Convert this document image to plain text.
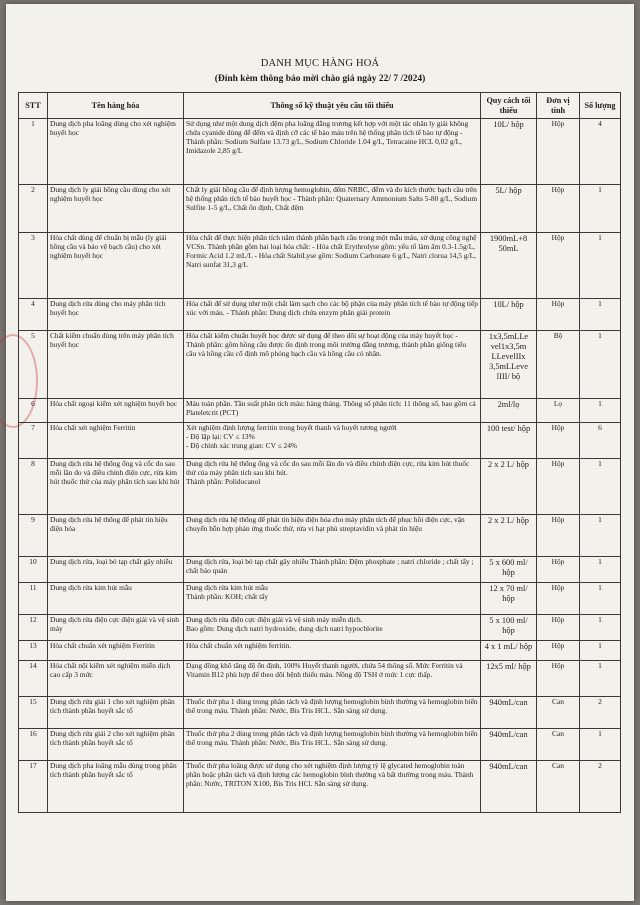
DANH MỤC HÀNG HOÁ
(Đính kèm thông báo mời chào giá ngày 22/ 7 /2024)
STT	Tên hàng hóa	Thông số kỹ thuật yêu cầu tối thiểu	Quy cách tối thiểu	Đơn vị tính	Số lượng
1	Dung dịch pha loãng dùng cho xét nghiệm huyết học	Sử dụng như một dung dịch đệm pha loãng đẳng trương kết hợp với một tác nhân ly giải không chứa cyanide dùng để đếm và định cỡ các tế bào máu trên hệ thống phân tích tế bào tự động - Thành phần: Sodium Sulfate 13.73 g/L, Sodium Chloride 1.04 g/L, Tetracaine HCL 0,02 g/L, Imidazole 2,85 g/L	10L/ hộp	Hộp	4
2	Dung dịch ly giải hồng cầu dùng cho xét nghiệm huyết học	Chất ly giải hồng cầu để định lượng hemoglobin, đếm NRBC, đếm và đo kích thước bạch cầu trên hệ thống phân tích tế bào huyết học - Thành phần: Quaternary Ammonium Salts 5-80 g/L, Sodium Sulfite 1-5 g/L, Chất ổn định, Chất đệm	5L/ hộp	Hộp	1
3	Hóa chất dùng để chuẩn bị mẫu (ly giải hồng cầu và bảo vệ bạch cầu) cho xét nghiệm huyết học	Hóa chất để thực hiện phân tích năm thành phần bạch cầu trong một mẫu máu, sử dụng công nghệ VCSn. Thành phần gồm hai loại hóa chất: - Hóa chất Erythrolyse gồm: yếu tố làm ẩm 0.3-1.5g/L, Formic Acid 1.2 mL/L - Hóa chất StabiLyse gồm: Sodium Carbonate 6 g/L, Natri clorua 14,5 g/L, Natri sunfat 31,3 g/L	1900mL+8 50mL	Hộp	1
4	Dung dịch rửa dùng cho máy phân tích huyết học	Hóa chất để sử dụng như một chất làm sạch cho các bộ phận của máy phân tích tế bào tự động tiếp xúc với máu. - Thành phần: Dung dịch chứa enzym phân giải protein	10L/ hộp	Hộp	1
5	Chất kiểm chuẩn dùng trên máy phân tích huyết học	Hóa chất kiểm chuẩn huyết học được sử dụng để theo dõi sự hoạt động của máy huyết học - Thành phần: gồm hồng cầu được ổn định trong môi trường đẳng trương, thành phần giống tiểu cầu và hồng cầu cố định mô phỏng bạch cầu và hồng cầu có nhân.	1x3,5mLLe vel1x3,5m LLevelIIx 3,5mLLeve lIII/ bộ	Bộ	1
6	Hóa chất ngoại kiểm xét nghiệm huyết học	Máu toàn phần. Tần suất phân tích máu: hàng tháng. Thông số phân tích: 11 thông số, bao gồm cả Plateletcrit (PCT)	2ml/lọ	Lọ	1
7	Hóa chất xét nghiệm Ferritin	Xét nghiệm định lượng ferritin trong huyết thanh và huyết tương người
- Độ lặp lại: CV ≤ 13%
- Độ chính xác trung gian: CV ≤ 24%	100 test/ hộp	Hộp	6
8	Dung dịch rửa hệ thống ống và cốc đo sau mỗi lần đo và điều chỉnh điện cực, rửa kim hút thuốc thử của máy phân tích sau khi hút	Dung dịch rửa hệ thống ống và cốc đo sau mỗi lần đo và điều chỉnh điện cực, rửa kim hút thuốc thử của máy phân tích sau khi hút.
Thành phần: Polidocanol	2 x 2 L/ hộp	Hộp	1
9	Dung dịch rửa hệ thống để phát tín hiệu điện hóa	Dung dịch rửa hệ thống để phát tín hiệu điện hóa cho máy phân tích để phục hồi điện cực, vận chuyển hỗn hợp phản ứng thuốc thử, rửa vi hạt phủ streptavidin và phát tín hiệu	2 x 2 L/ hộp	Hộp	1
10	Dung dịch rửa, loại bỏ tạp chất gây nhiễu	Dung dịch rửa, loại bỏ tạp chất gây nhiễu Thành phần: Đệm phosphate ; natri chloride ; chất tẩy ; chất bảo quản	5 x 600 ml/ hộp	Hộp	1
11	Dung dịch rửa kim hút mẫu	Dung dịch rửa kim hút mẫu
Thành phần: KOH; chất tẩy	12 x 70 ml/ hộp	Hộp	1
12	Dung dịch rửa điện cực điện giải và vệ sinh máy	Dung dịch rửa điện cực điện giải và vệ sinh máy miễn dịch.
Bao gồm: Dung dịch natri hydroxide, dung dịch natri hypochlorite	5 x 100 ml/ hộp	Hộp	1
13	Hóa chất chuẩn xét nghiệm Ferritin	Hóa chất chuẩn xét nghiệm ferritin.	4 x 1 mL/ hộp	Hộp	1
14	Hóa chất nội kiểm xét nghiệm miễn dịch cao cấp 3 mức	Dạng đông khô tăng độ ổn định, 100% Huyết thanh người, chứa 54 thông số. Mức Ferritin và Vitamin B12 phù hợp để theo dõi bệnh thiếu máu. Nồng độ TSH ở mức 1 cực thấp.	12x5 ml/ hộp	Hộp	1
15	Dung dịch rửa giải 1 cho xét nghiệm phân tích thành phần huyết sắc tố	Thuốc thử pha 1 dùng trong phân tách và định lượng hemoglobin bình thường và hemoglobin biến thể trong máu. Thành phần: Nước, Bis Tris HCL. Sẵn sàng sử dụng.	940mL/can	Can	2
16	Dung dịch rửa giải 2 cho xét nghiệm phân tích thành phần huyết sắc tố	Thuốc thử pha 2 dùng trong phân tách và định lượng hemoglobin bình thường và hemoglobin biến thể trong máu. Thành phần: Nước, Bis Tris HCL. Sẵn sàng sử dụng.	940mL/can	Can	1
17	Dung dịch pha loãng mẫu dùng trong phân tích thành phần huyết sắc tố	Thuốc thử pha loãng được sử dụng cho xét nghiệm định lượng tỷ lệ glycated hemoglobin toàn phần hoặc phân tách và định lượng các hemoglobin bình thường và bất thường trong máu. Thành phần: Nước, TRITON X100, Bis Tris HCl. Sẵn sàng sử dụng.	940mL/can	Can	2
